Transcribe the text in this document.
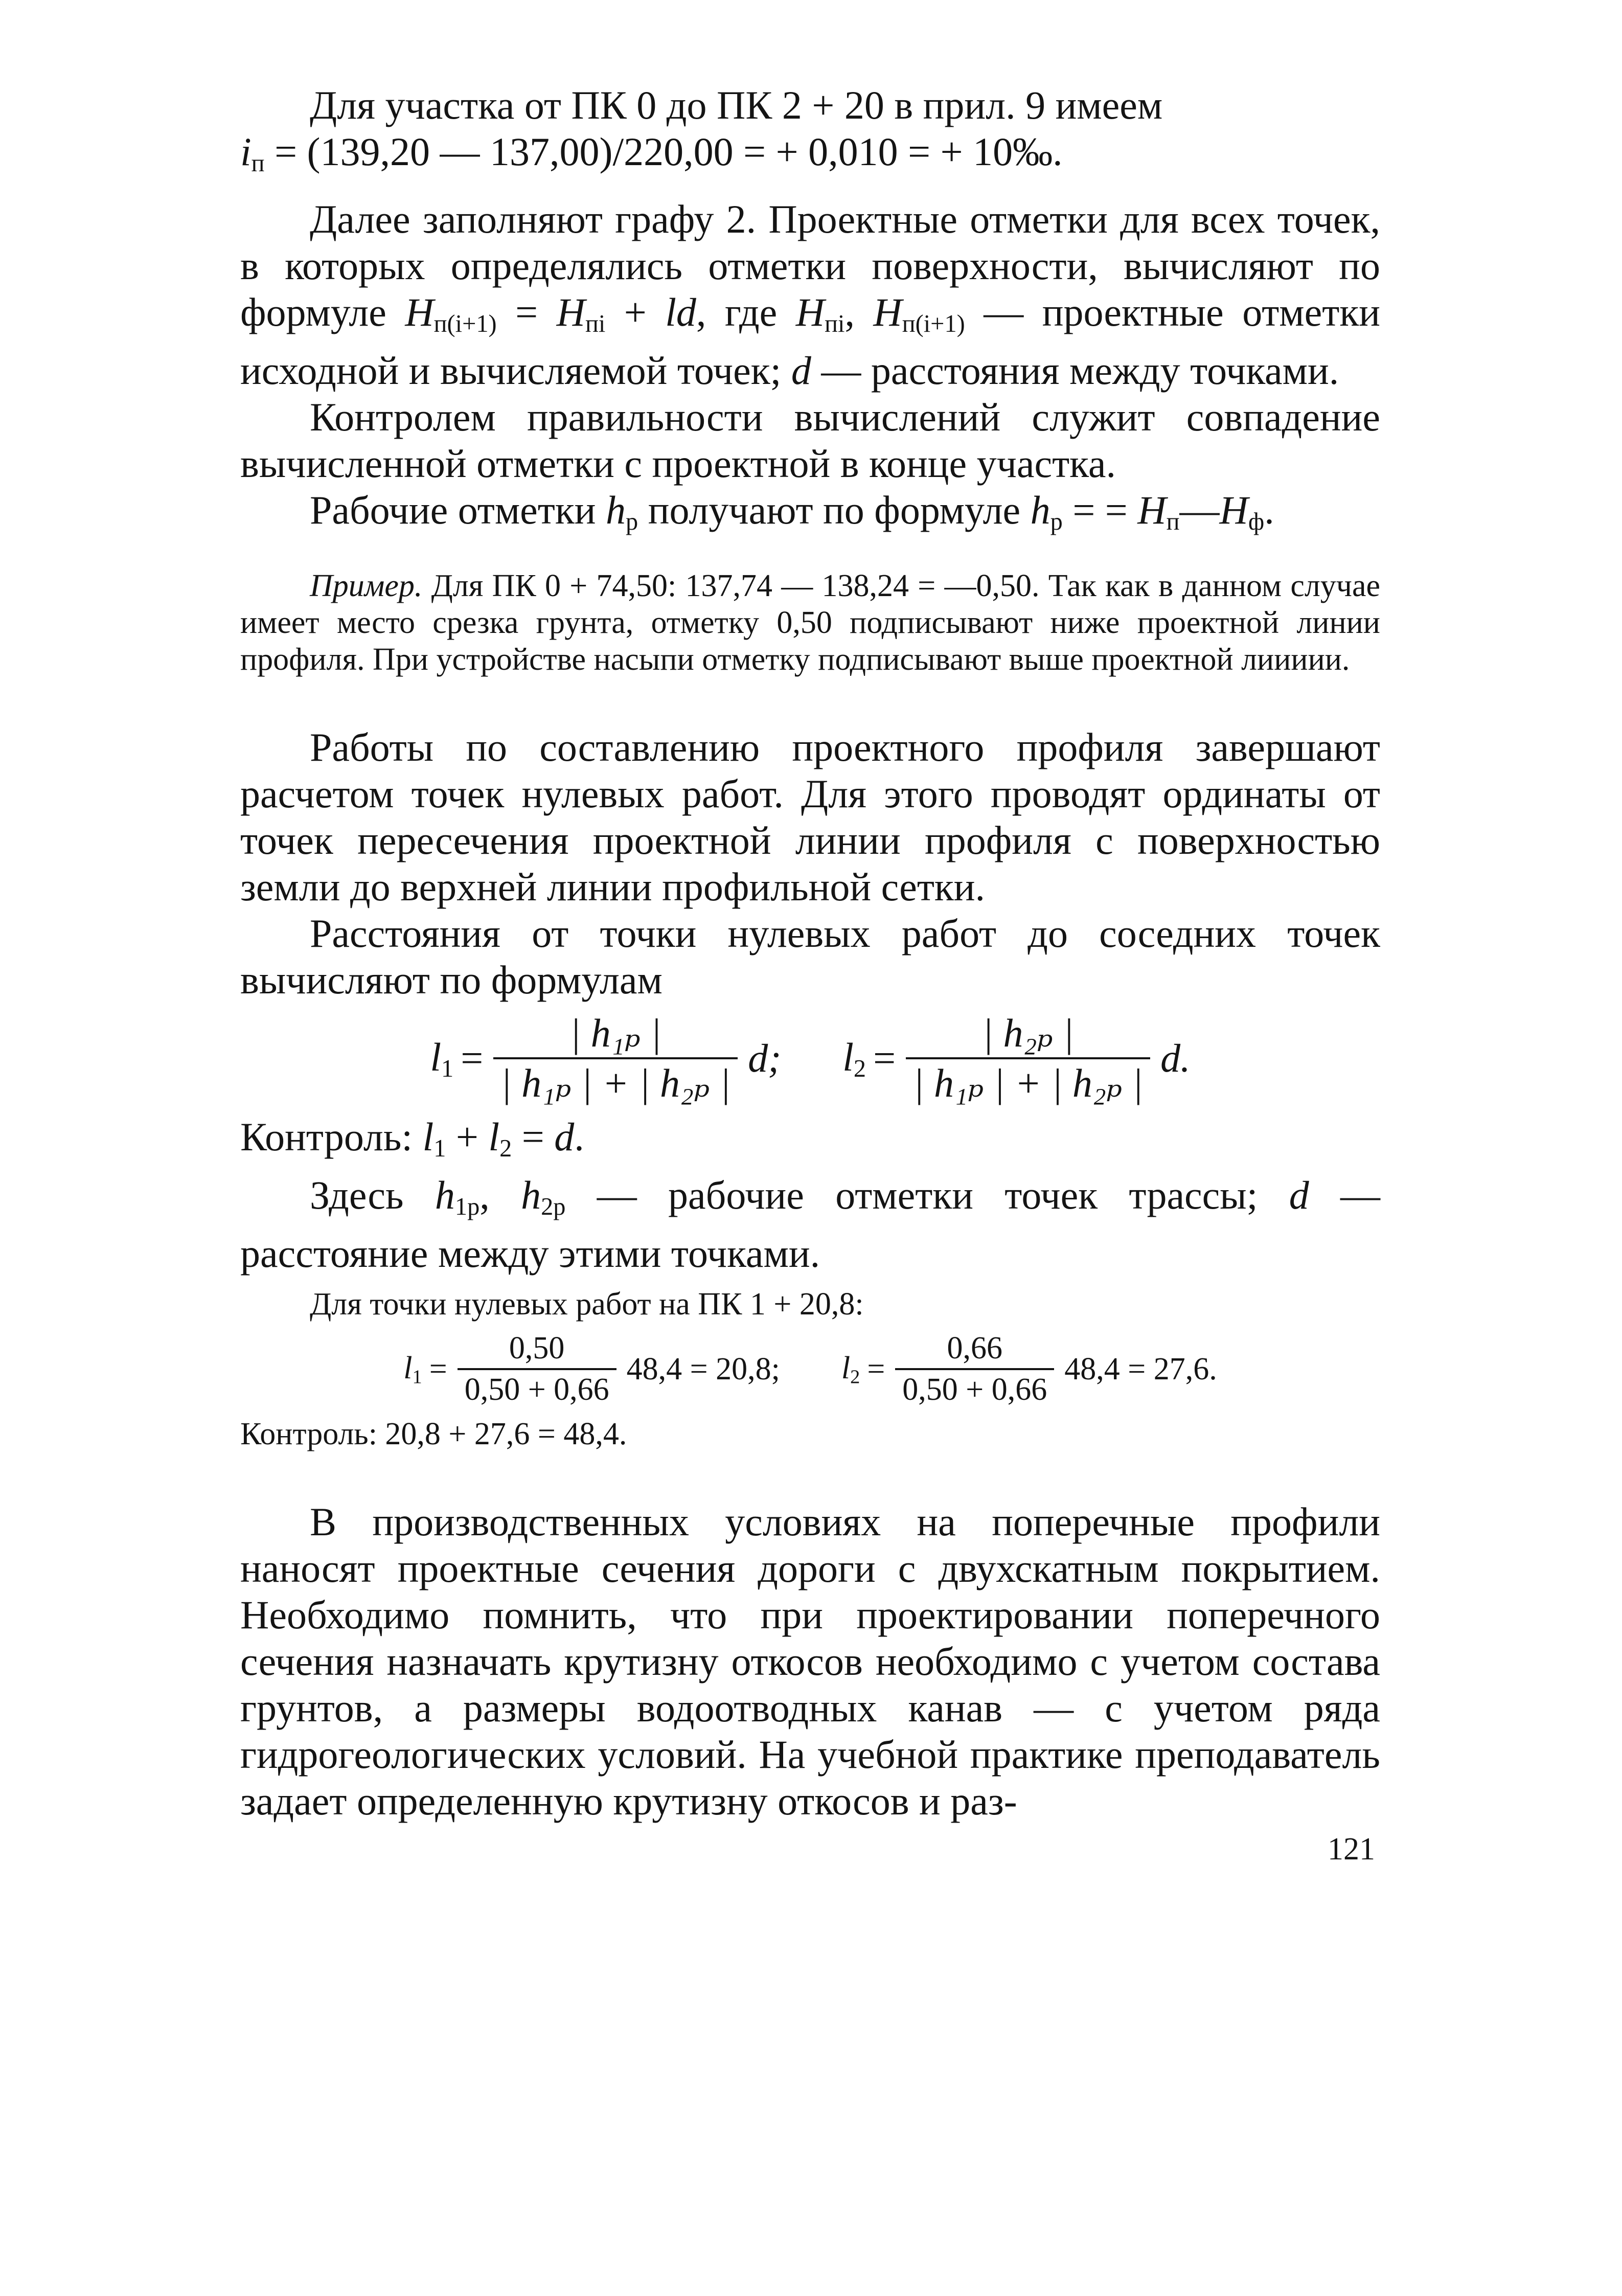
Для участка от ПК 0 до ПК 2 + 20 в прил. 9 имеем

$i_п = (139,20$ — 137,00)/220,00 = + 0,010 = + 10‰.

Далее заполняют графу 2. Проектные отметки для всех точек, в которых определялись отметки поверхности, вычисляют по формуле $H_{п(i+1)} = H_{пi}$ + ld, где $H_{пi}$, $H_{п(i+1)}$ — проектные отметки исходной и вычисляемой точек; d — расстояния между точками.

Контролем правильности вычислений служит совпадение вычисленной отметки с проектной в конце участка.

Рабочие отметки $h_р$ получают по формуле $h_р$ = = $H_п—H_ф$.

Пример. Для ПК 0 + 74,50: 137,74 — 138,24 = —0,50. Так как в данном случае имеет место срезка грунта, отметку 0,50 подписывают ниже проектной линии профиля. При устройстве насыпи отметку подписывают выше проектной лиииии.

Работы по составлению проектного профиля завершают расчетом точек нулевых работ. Для этого проводят ординаты от точек пересечения проектной линии профиля с поверхностью земли до верхней линии профильной сетки.

Расстояния от точки нулевых работ до соседних точек вычисляют по формулам

$l_1 = \frac{\text{| h₁ₚ |}}{\text{| h₁ₚ | + | h₂ₚ |}} d$; $l_2 = \frac{\text{| h₂ₚ |}}{\text{| h₁ₚ | + | h₂ₚ |}} d$.

Контроль: $l_1 + l_2 = d$.

Здесь $h_{1р}$, $h_{2р}$ — рабочие отметки точек трассы; d — расстояние между этими точками.

Для точки нулевых работ на ПК 1 + 20,8:

$l_1 = \frac{0,50}{0,50 + 0,66} 48,4 = 20,8$; $l_2 = \frac{0,66}{0,50 + 0,66} 48,4 = 27,6$.

Контроль: 20,8 + 27,6 = 48,4.

В производственных условиях на поперечные профили наносят проектные сечения дороги с двухскатным покрытием. Необходимо помнить, что при проектировании поперечного сечения назначать крутизну откосов необходимо с учетом состава грунтов, а размеры водоотводных канав — с учетом ряда гидрогеологических условий. На учебной практике преподаватель задает определенную крутизну откосов и раз-

121
